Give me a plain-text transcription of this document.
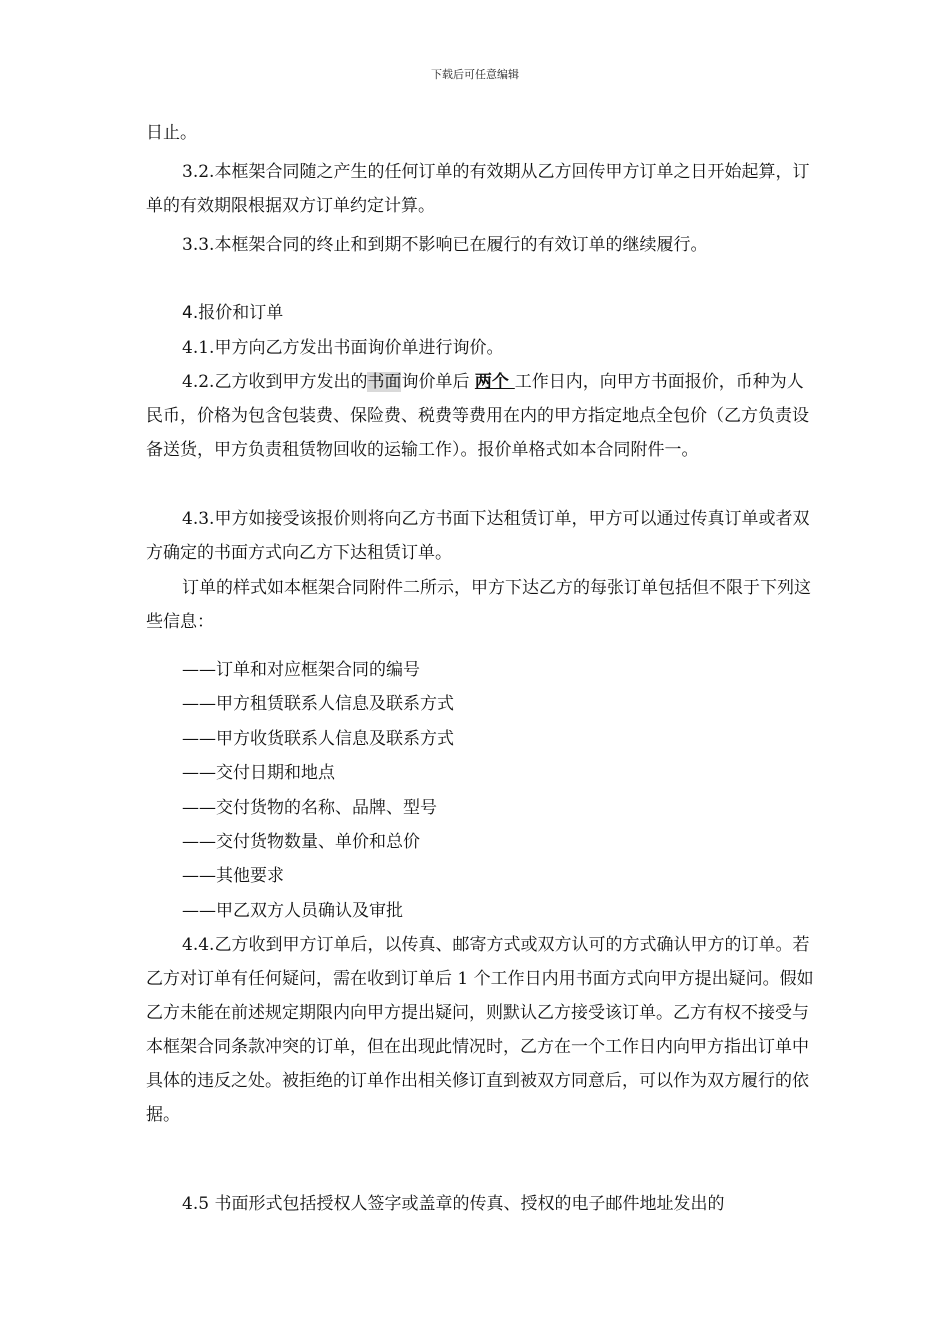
下载后可任意编辑
日止。
3.2.本框架合同随之产生的任何订单的有效期从乙方回传甲方订单之日开始起算，订单的有效期限根据双方订单约定计算。
3.3.本框架合同的终止和到期不影响已在履行的有效订单的继续履行。
4.报价和订单
4.1.甲方向乙方发出书面询价单进行询价。
4.2.乙方收到甲方发出的书面询价单后 两个 工作日内，向甲方书面报价，币种为人民币，价格为包含包装费、保险费、税费等费用在内的甲方指定地点全包价（乙方负责设备送货，甲方负责租赁物回收的运输工作）。报价单格式如本合同附件一。
4.3.甲方如接受该报价则将向乙方书面下达租赁订单，甲方可以通过传真订单或者双方确定的书面方式向乙方下达租赁订单。
订单的样式如本框架合同附件二所示，甲方下达乙方的每张订单包括但不限于下列这些信息：
——订单和对应框架合同的编号
——甲方租赁联系人信息及联系方式
——甲方收货联系人信息及联系方式
——交付日期和地点
——交付货物的名称、品牌、型号
——交付货物数量、单价和总价
——其他要求
——甲乙双方人员确认及审批
4.4.乙方收到甲方订单后，以传真、邮寄方式或双方认可的方式确认甲方的订单。若乙方对订单有任何疑问，需在收到订单后 1 个工作日内用书面方式向甲方提出疑问。假如乙方未能在前述规定期限内向甲方提出疑问，则默认乙方接受该订单。乙方有权不接受与本框架合同条款冲突的订单，但在出现此情况时，乙方在一个工作日内向甲方指出订单中具体的违反之处。被拒绝的订单作出相关修订直到被双方同意后，可以作为双方履行的依据。
4.5 书面形式包括授权人签字或盖章的传真、授权的电子邮件地址发出的
